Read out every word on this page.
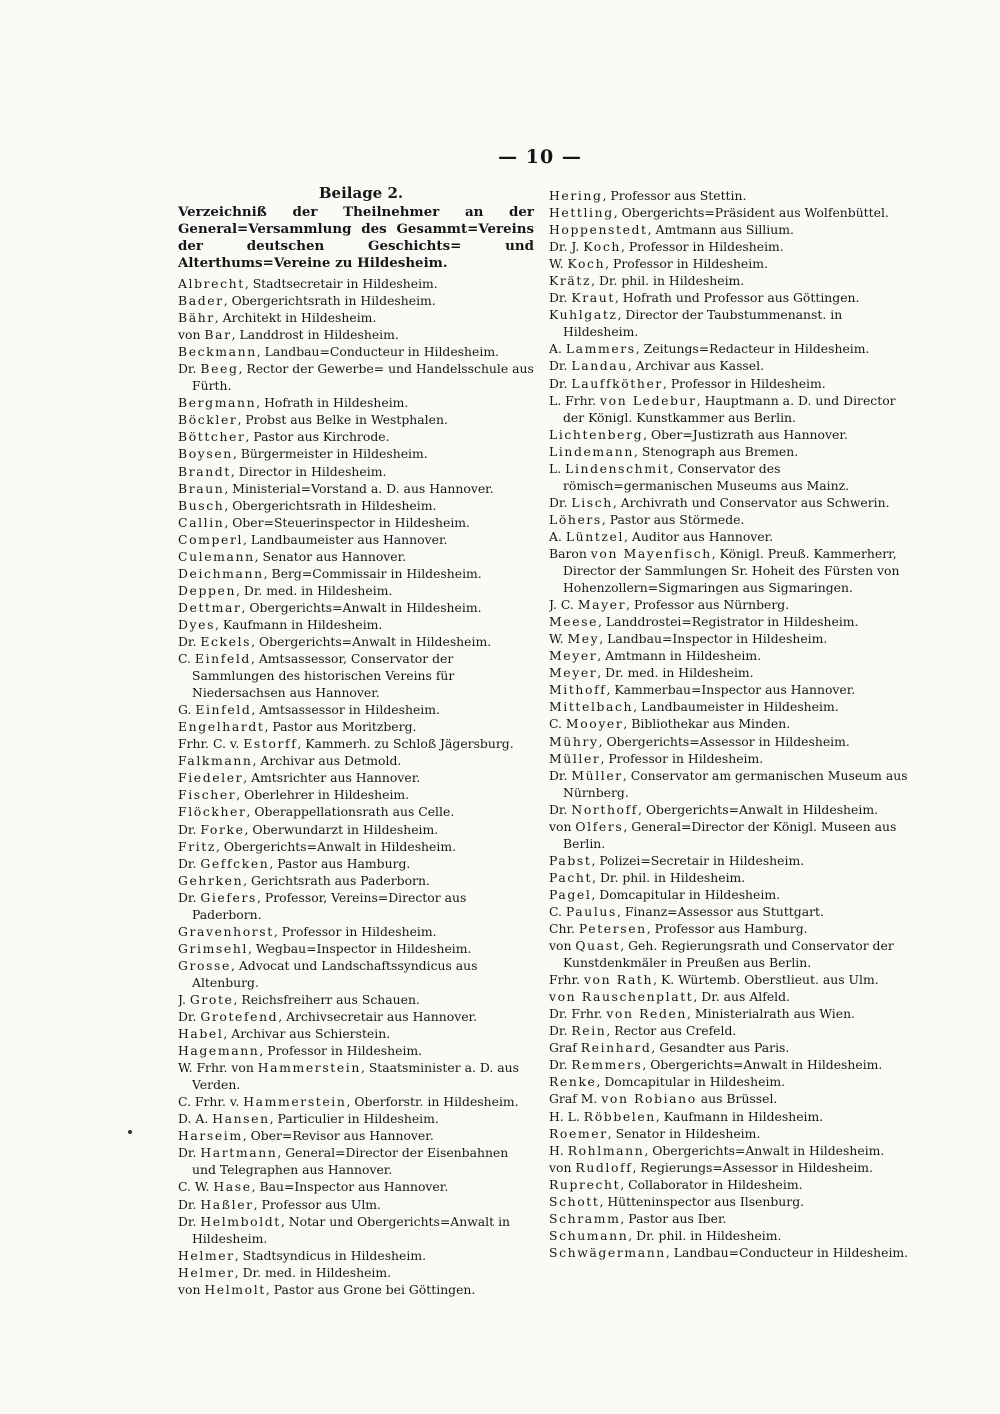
— 10 —
Beilage 2.
Verzeichniß der Theilnehmer an der General=Versammlung des Gesammt=Vereins der deutschen Geschichts= und Alterthums=Vereine zu Hildesheim.
Albrecht, Stadtsecretair in Hildesheim.
Bader, Obergerichtsrath in Hildesheim.
Bähr, Architekt in Hildesheim.
von Bar, Landdrost in Hildesheim.
Beckmann, Landbau=Conducteur in Hildesheim.
Dr. Beeg, Rector der Gewerbe= und Handelsschule aus Fürth.
Bergmann, Hofrath in Hildesheim.
Böckler, Probst aus Belke in Westphalen.
Böttcher, Pastor aus Kirchrode.
Boysen, Bürgermeister in Hildesheim.
Brandt, Director in Hildesheim.
Braun, Ministerial=Vorstand a. D. aus Hannover.
Busch, Obergerichtsrath in Hildesheim.
Callin, Ober=Steuerinspector in Hildesheim.
Comperl, Landbaumeister aus Hannover.
Culemann, Senator aus Hannover.
Deichmann, Berg=Commissair in Hildesheim.
Deppen, Dr. med. in Hildesheim.
Dettmar, Obergerichts=Anwalt in Hildesheim.
Dyes, Kaufmann in Hildesheim.
Dr. Eckels, Obergerichts=Anwalt in Hildesheim.
C. Einfeld, Amtsassessor, Conservator der Sammlungen des historischen Vereins für Niedersachsen aus Hannover.
G. Einfeld, Amtsassessor in Hildesheim.
Engelhardt, Pastor aus Moritzberg.
Frhr. C. v. Estorff, Kammerh. zu Schloß Jägersburg.
Falkmann, Archivar aus Detmold.
Fiedeler, Amtsrichter aus Hannover.
Fischer, Oberlehrer in Hildesheim.
Flöckher, Oberappellationsrath aus Celle.
Dr. Forke, Oberwundarzt in Hildesheim.
Fritz, Obergerichts=Anwalt in Hildesheim.
Dr. Geffcken, Pastor aus Hamburg.
Gehrken, Gerichtsrath aus Paderborn.
Dr. Giefers, Professor, Vereins=Director aus Paderborn.
Gravenhorst, Professor in Hildesheim.
Grimsehl, Wegbau=Inspector in Hildesheim.
Grosse, Advocat und Landschaftssyndicus aus Altenburg.
J. Grote, Reichsfreiherr aus Schauen.
Dr. Grotefend, Archivsecretair aus Hannover.
Habel, Archivar aus Schierstein.
Hagemann, Professor in Hildesheim.
W. Frhr. von Hammerstein, Staatsminister a. D. aus Verden.
C. Frhr. v. Hammerstein, Oberforstr. in Hildesheim.
D. A. Hansen, Particulier in Hildesheim.
Harseim, Ober=Revisor aus Hannover.
Dr. Hartmann, General=Director der Eisenbahnen und Telegraphen aus Hannover.
C. W. Hase, Bau=Inspector aus Hannover.
Dr. Haßler, Professor aus Ulm.
Dr. Helmboldt, Notar und Obergerichts=Anwalt in Hildesheim.
Helmer, Stadtsyndicus in Hildesheim.
Helmer, Dr. med. in Hildesheim.
von Helmolt, Pastor aus Grone bei Göttingen.
Hering, Professor aus Stettin.
Hettling, Obergerichts=Präsident aus Wolfenbüttel.
Hoppenstedt, Amtmann aus Sillium.
Dr. J. Koch, Professor in Hildesheim.
W. Koch, Professor in Hildesheim.
Krätz, Dr. phil. in Hildesheim.
Dr. Kraut, Hofrath und Professor aus Göttingen.
Kuhlgatz, Director der Taubstummenanst. in Hildesheim.
A. Lammers, Zeitungs=Redacteur in Hildesheim.
Dr. Landau, Archivar aus Kassel.
Dr. Lauffköther, Professor in Hildesheim.
L. Frhr. von Ledebur, Hauptmann a. D. und Director der Königl. Kunstkammer aus Berlin.
Lichtenberg, Ober=Justizrath aus Hannover.
Lindemann, Stenograph aus Bremen.
L. Lindenschmit, Conservator des römisch=germanischen Museums aus Mainz.
Dr. Lisch, Archivrath und Conservator aus Schwerin.
Löhers, Pastor aus Störmede.
A. Lüntzel, Auditor aus Hannover.
Baron von Mayenfisch, Königl. Preuß. Kammerherr, Director der Sammlungen Sr. Hoheit des Fürsten von Hohenzollern=Sigmaringen aus Sigmaringen.
J. C. Mayer, Professor aus Nürnberg.
Meese, Landdrostei=Registrator in Hildesheim.
W. Mey, Landbau=Inspector in Hildesheim.
Meyer, Amtmann in Hildesheim.
Meyer, Dr. med. in Hildesheim.
Mithoff, Kammerbau=Inspector aus Hannover.
Mittelbach, Landbaumeister in Hildesheim.
C. Mooyer, Bibliothekar aus Minden.
Mühry, Obergerichts=Assessor in Hildesheim.
Müller, Professor in Hildesheim.
Dr. Müller, Conservator am germanischen Museum aus Nürnberg.
Dr. Northoff, Obergerichts=Anwalt in Hildesheim.
von Olfers, General=Director der Königl. Museen aus Berlin.
Pabst, Polizei=Secretair in Hildesheim.
Pacht, Dr. phil. in Hildesheim.
Pagel, Domcapitular in Hildesheim.
C. Paulus, Finanz=Assessor aus Stuttgart.
Chr. Petersen, Professor aus Hamburg.
von Quast, Geh. Regierungsrath und Conservator der Kunstdenkmäler in Preußen aus Berlin.
Frhr. von Rath, K. Würtemb. Oberstlieut. aus Ulm.
von Rauschenplatt, Dr. aus Alfeld.
Dr. Frhr. von Reden, Ministerialrath aus Wien.
Dr. Rein, Rector aus Crefeld.
Graf Reinhard, Gesandter aus Paris.
Dr. Remmers, Obergerichts=Anwalt in Hildesheim.
Renke, Domcapitular in Hildesheim.
Graf M. von Robiano aus Brüssel.
H. L. Röbbelen, Kaufmann in Hildesheim.
Roemer, Senator in Hildesheim.
H. Rohlmann, Obergerichts=Anwalt in Hildesheim.
von Rudloff, Regierungs=Assessor in Hildesheim.
Ruprecht, Collaborator in Hildesheim.
Schott, Hütteninspector aus Ilsenburg.
Schramm, Pastor aus Iber.
Schumann, Dr. phil. in Hildesheim.
Schwägermann, Landbau=Conducteur in Hildesheim.
